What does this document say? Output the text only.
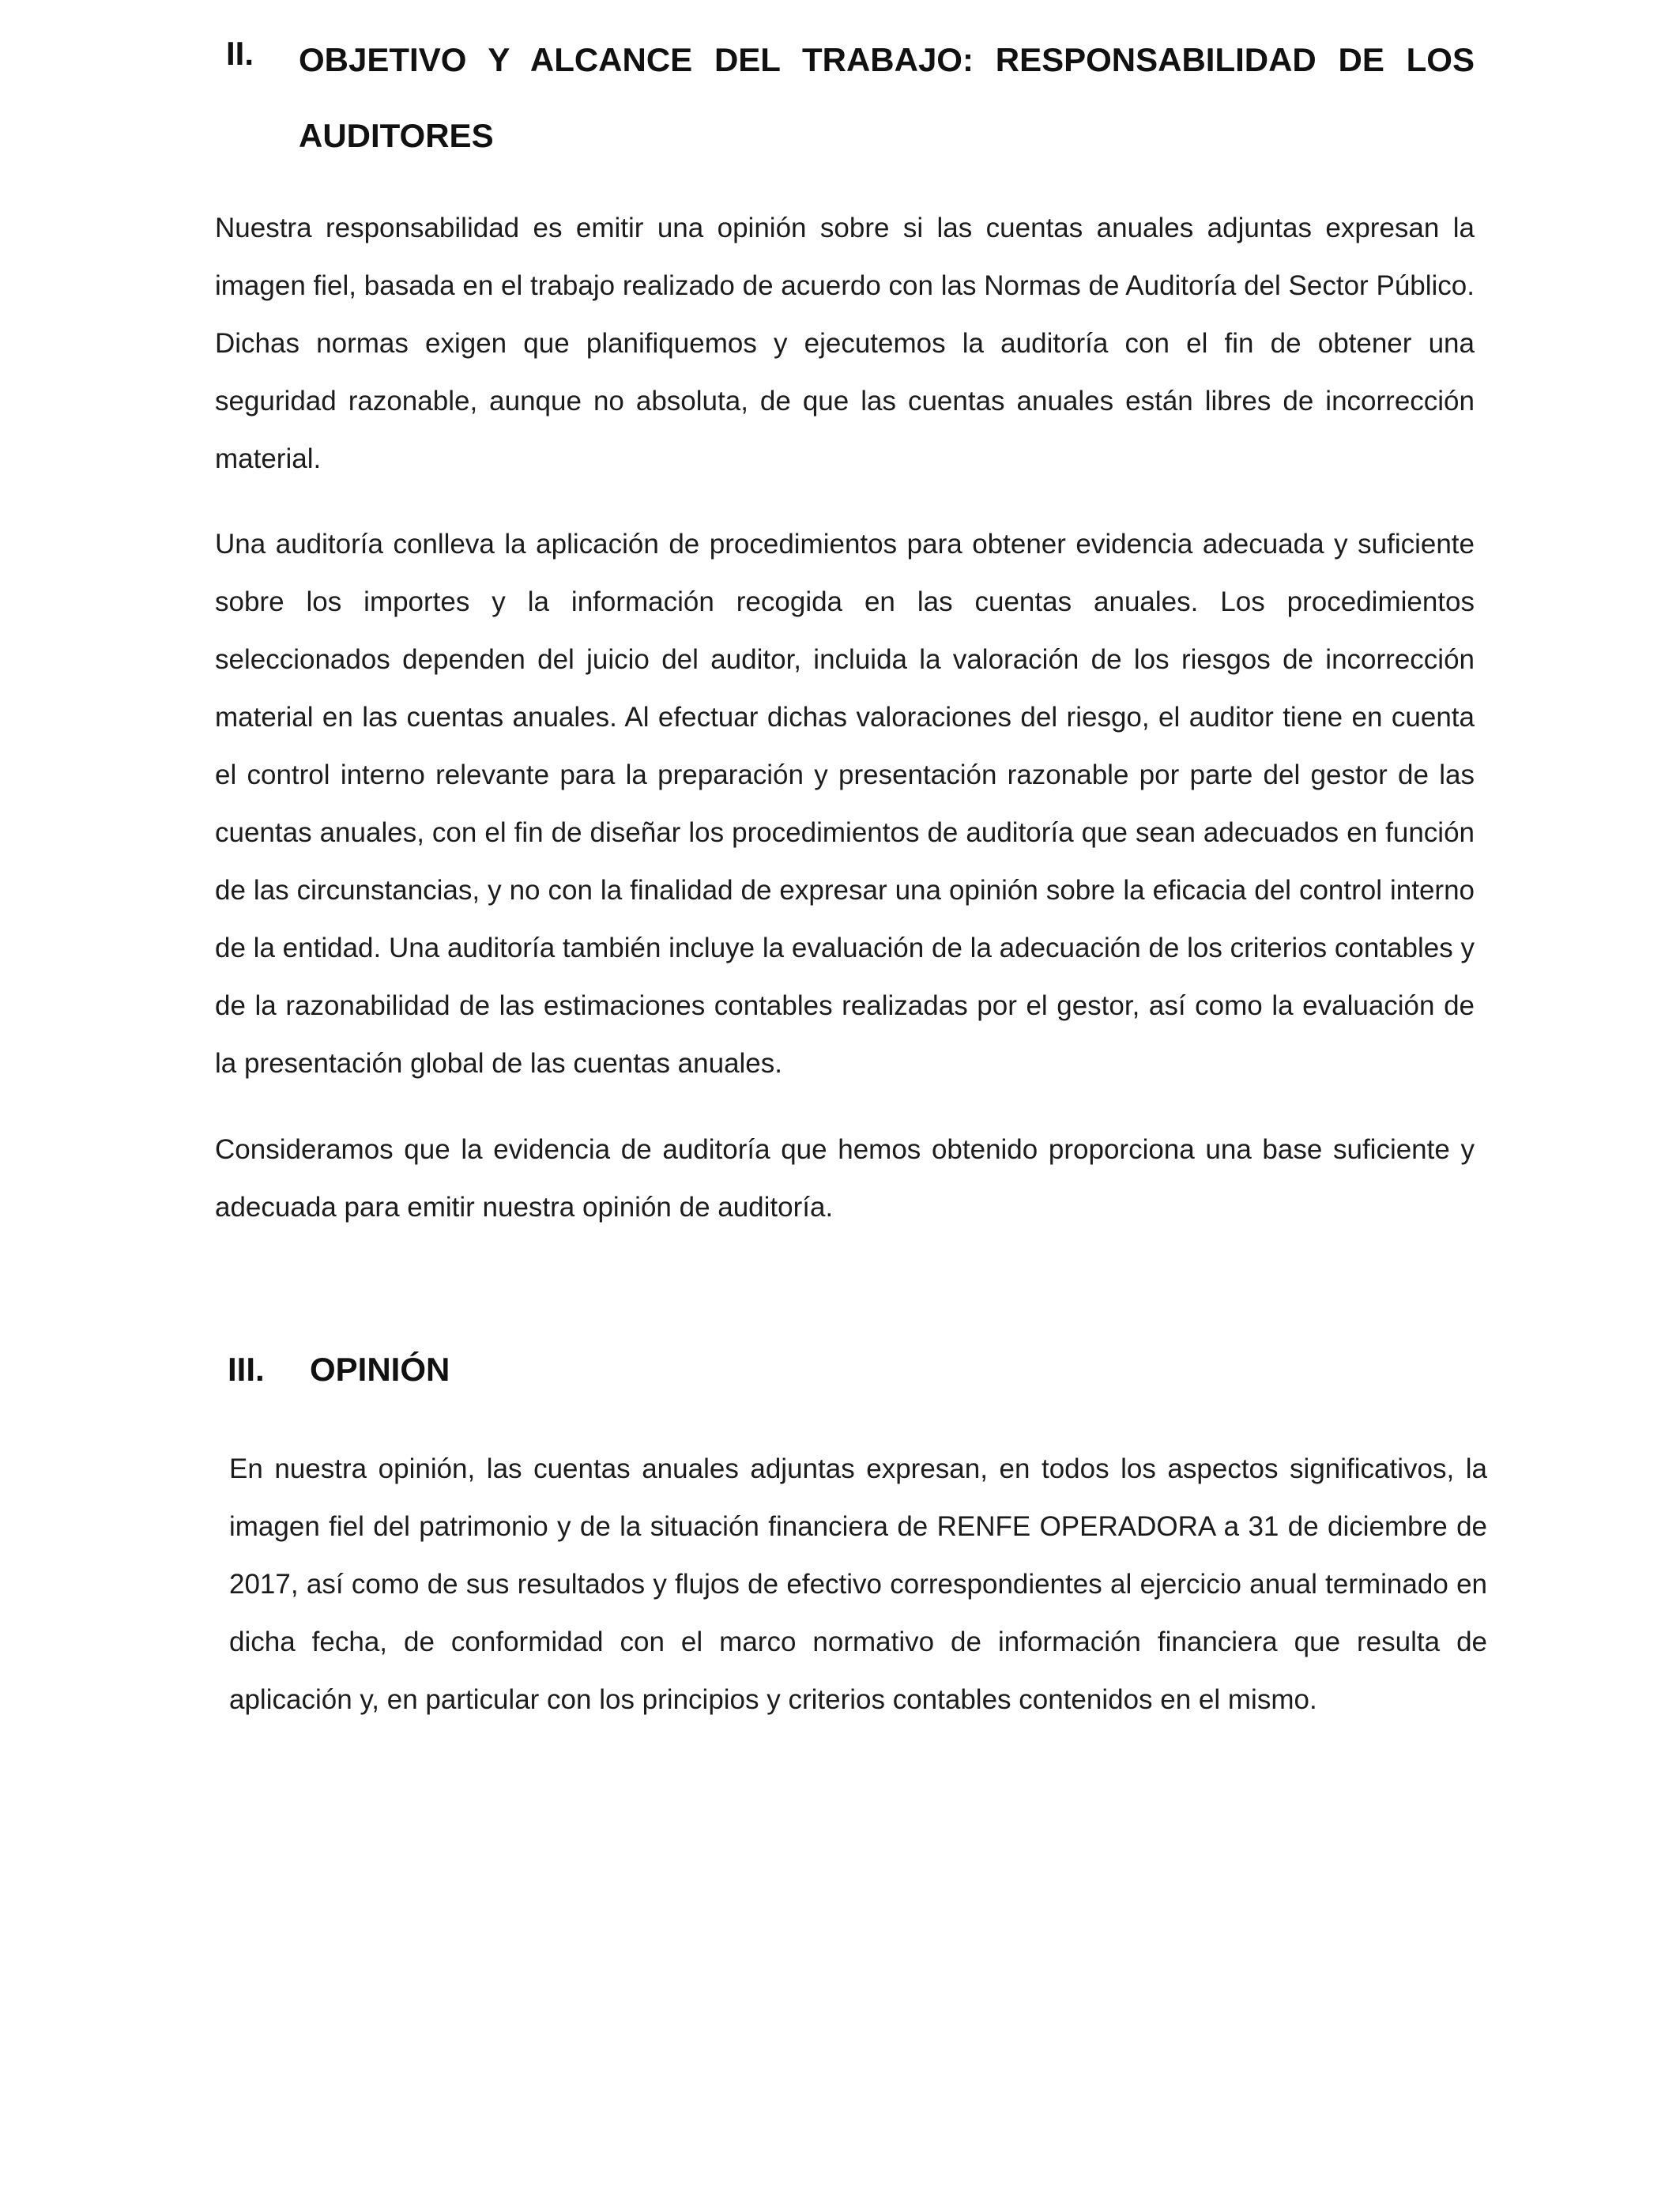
II. OBJETIVO Y ALCANCE DEL TRABAJO: RESPONSABILIDAD DE LOS
AUDITORES

Nuestra responsabilidad es emitir una opinión sobre si las cuentas anuales adjuntas expresan la imagen fiel, basada en el trabajo realizado de acuerdo con las Normas de Auditoría del Sector Público. Dichas normas exigen que planifiquemos y ejecutemos la auditoría con el fin de obtener una seguridad razonable, aunque no absoluta, de que las cuentas anuales están libres de incorrección material.

Una auditoría conlleva la aplicación de procedimientos para obtener evidencia adecuada y suficiente sobre los importes y la información recogida en las cuentas anuales. Los procedimientos seleccionados dependen del juicio del auditor, incluida la valoración de los riesgos de incorrección material en las cuentas anuales. Al efectuar dichas valoraciones del riesgo, el auditor tiene en cuenta el control interno relevante para la preparación y presentación razonable por parte del gestor de las cuentas anuales, con el fin de diseñar los procedimientos de auditoría que sean adecuados en función de las circunstancias, y no con la finalidad de expresar una opinión sobre la eficacia del control interno de la entidad. Una auditoría también incluye la evaluación de la adecuación de los criterios contables y de la razonabilidad de las estimaciones contables realizadas por el gestor, así como la evaluación de la presentación global de las cuentas anuales.

Consideramos que la evidencia de auditoría que hemos obtenido proporciona una base suficiente y adecuada para emitir nuestra opinión de auditoría.

III. OPINIÓN

En nuestra opinión, las cuentas anuales adjuntas expresan, en todos los aspectos significativos, la imagen fiel del patrimonio y de la situación financiera de RENFE OPERADORA a 31 de diciembre de 2017, así como de sus resultados y flujos de efectivo correspondientes al ejercicio anual terminado en dicha fecha, de conformidad con el marco normativo de información financiera que resulta de aplicación y, en particular con los principios y criterios contables contenidos en el mismo.
